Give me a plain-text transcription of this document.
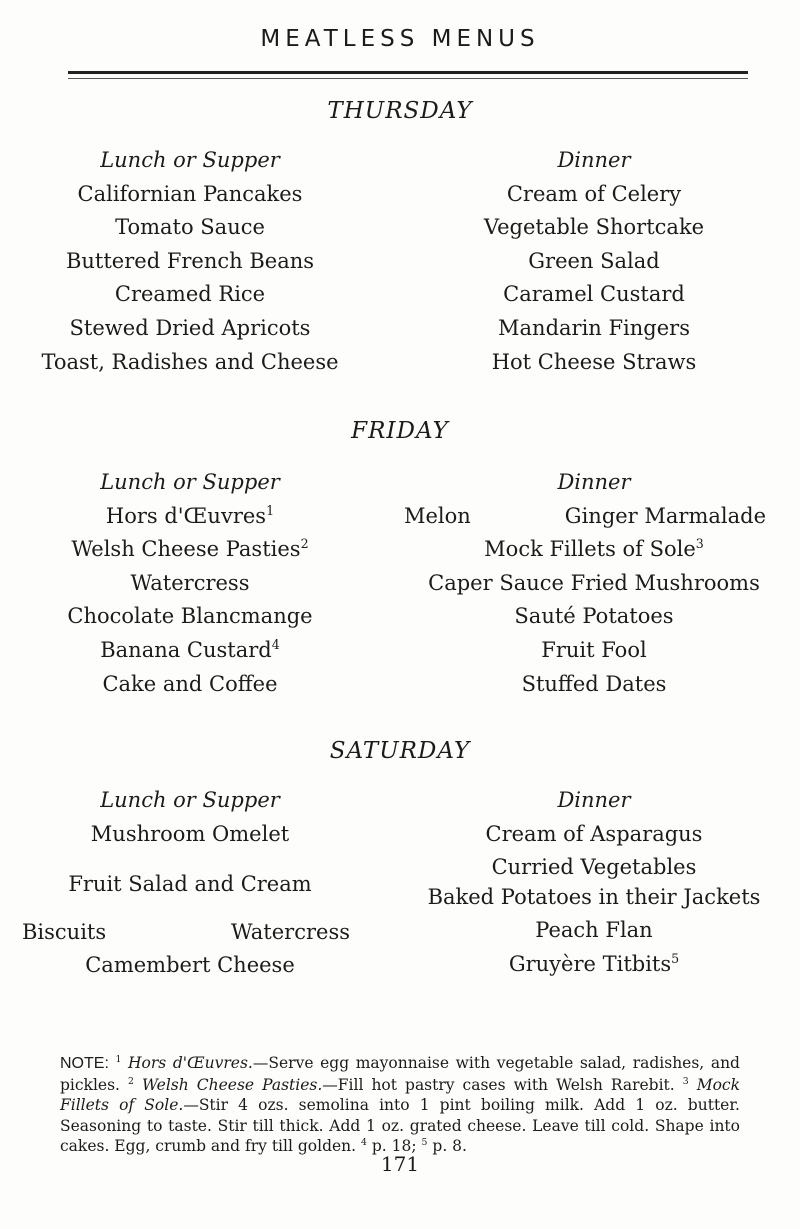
MEATLESS MENUS
THURSDAY
Lunch or Supper
Californian Pancakes
Tomato Sauce
Buttered French Beans
Creamed Rice
Stewed Dried Apricots
Toast, Radishes and Cheese
Dinner
Cream of Celery
Vegetable Shortcake
Green Salad
Caramel Custard
Mandarin Fingers
Hot Cheese Straws
FRIDAY
Lunch or Supper
Hors d'Œuvres$^1$
Welsh Cheese Pasties$^2$
Watercress
Chocolate Blancmange
Banana Custard$^4$
Cake and Coffee
Dinner
Melon	Ginger Marmalade
Mock Fillets of Sole$^3$
Caper Sauce Fried Mushrooms
Sauté Potatoes
Fruit Fool
Stuffed Dates
SATURDAY
Lunch or Supper
Mushroom Omelet
Fruit Salad and Cream
Biscuits	Watercress
Camembert Cheese
Dinner
Cream of Asparagus
Curried Vegetables
Baked Potatoes in their Jackets
Peach Flan
Gruyère Titbits$^5$
NOTE: $^1$ Hors d'Œuvres.—Serve egg mayonnaise with vegetable salad, radishes, and pickles. $^2$ Welsh Cheese Pasties.—Fill hot pastry cases with Welsh Rarebit. $^3$ Mock Fillets of Sole.—Stir 4 ozs. semolina into 1 pint boiling milk. Add 1 oz. butter. Seasoning to taste. Stir till thick. Add 1 oz. grated cheese. Leave till cold. Shape into cakes. Egg, crumb and fry till golden. $^4$ p. 18; $^5$ p. 8.
171
